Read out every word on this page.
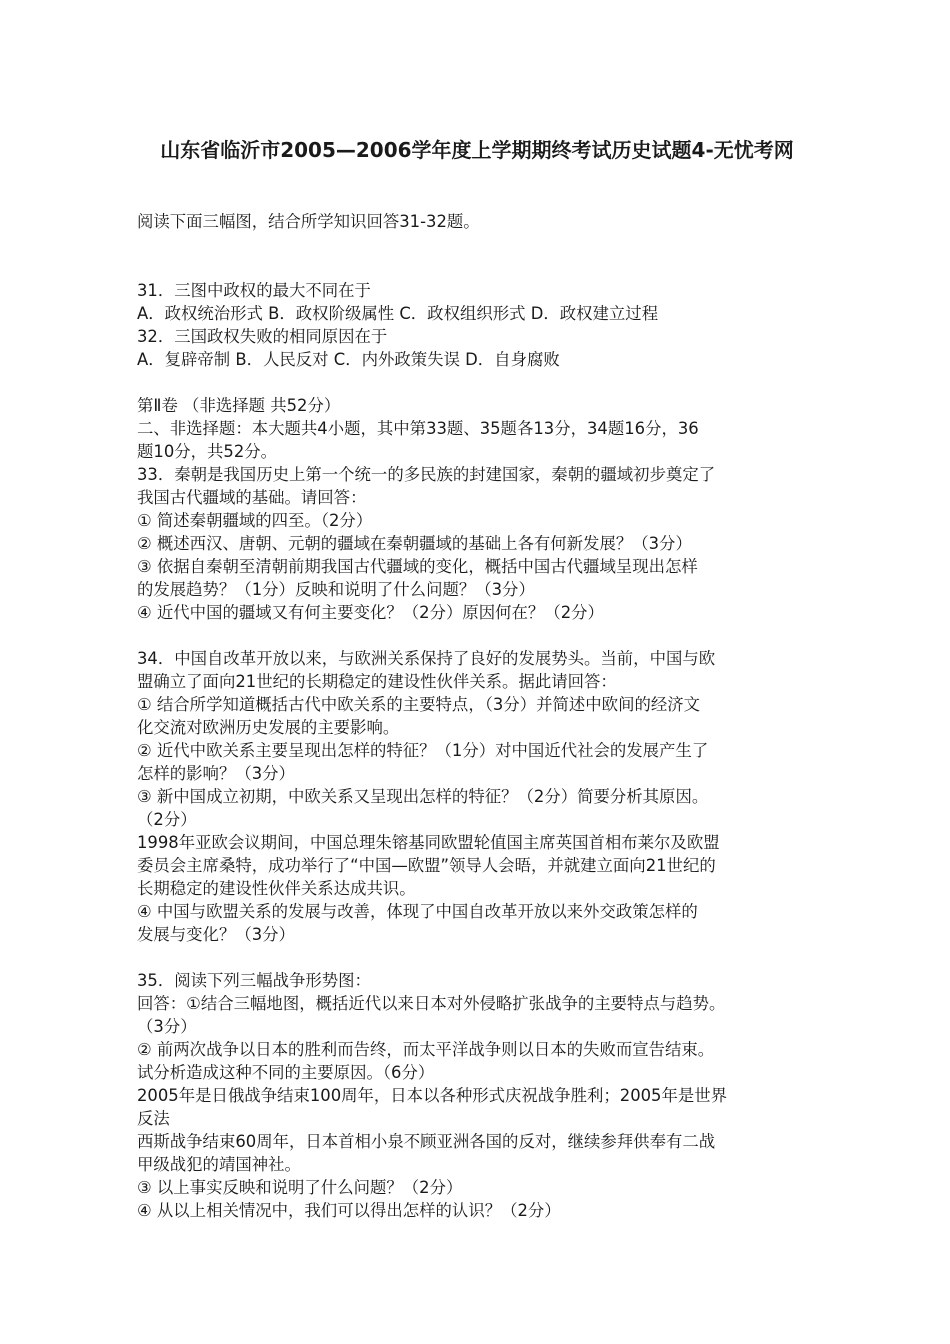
山东省临沂市2005—2006学年度上学期期终考试历史试题4-无忧考网

阅读下面三幅图，结合所学知识回答31-32题。

31．三图中政权的最大不同在于

A．政权统治形式 B．政权阶级属性 C．政权组织形式 D．政权建立过程

32．三国政权失败的相同原因在于

A．复辟帝制 B．人民反对 C．内外政策失误 D．自身腐败

第Ⅱ卷 （非选择题 共52分）

二、非选择题：本大题共4小题，其中第33题、35题各13分，34题16分，36

题10分，共52分。

33．秦朝是我国历史上第一个统一的多民族的封建国家，秦朝的疆域初步奠定了

我国古代疆域的基础。请回答：

① 简述秦朝疆域的四至。（2分）

② 概述西汉、唐朝、元朝的疆域在秦朝疆域的基础上各有何新发展？（3分）

③ 依据自秦朝至清朝前期我国古代疆域的变化，概括中国古代疆域呈现出怎样

的发展趋势？（1分）反映和说明了什么问题？（3分）

④ 近代中国的疆域又有何主要变化？（2分）原因何在？（2分）

34．中国自改革开放以来，与欧洲关系保持了良好的发展势头。当前，中国与欧

盟确立了面向21世纪的长期稳定的建设性伙伴关系。据此请回答：

① 结合所学知道概括古代中欧关系的主要特点，（3分）并简述中欧间的经济文

化交流对欧洲历史发展的主要影响。

② 近代中欧关系主要呈现出怎样的特征？（1分）对中国近代社会的发展产生了

怎样的影响？（3分）

③ 新中国成立初期，中欧关系又呈现出怎样的特征？（2分）简要分析其原因。

（2分）

1998年亚欧会议期间，中国总理朱镕基同欧盟轮值国主席英国首相布莱尔及欧盟

委员会主席桑特，成功举行了“中国—欧盟”领导人会晤，并就建立面向21世纪的

长期稳定的建设性伙伴关系达成共识。

④ 中国与欧盟关系的发展与改善，体现了中国自改革开放以来外交政策怎样的

发展与变化？（3分）

35．阅读下列三幅战争形势图：

回答：①结合三幅地图，概括近代以来日本对外侵略扩张战争的主要特点与趋势。

（3分）

② 前两次战争以日本的胜利而告终，而太平洋战争则以日本的失败而宣告结束。

试分析造成这种不同的主要原因。（6分）

2005年是日俄战争结束100周年，日本以各种形式庆祝战争胜利；2005年是世界

反法

西斯战争结束60周年，日本首相小泉不顾亚洲各国的反对，继续参拜供奉有二战

甲级战犯的靖国神社。

③ 以上事实反映和说明了什么问题？（2分）

④ 从以上相关情况中，我们可以得出怎样的认识？（2分）
